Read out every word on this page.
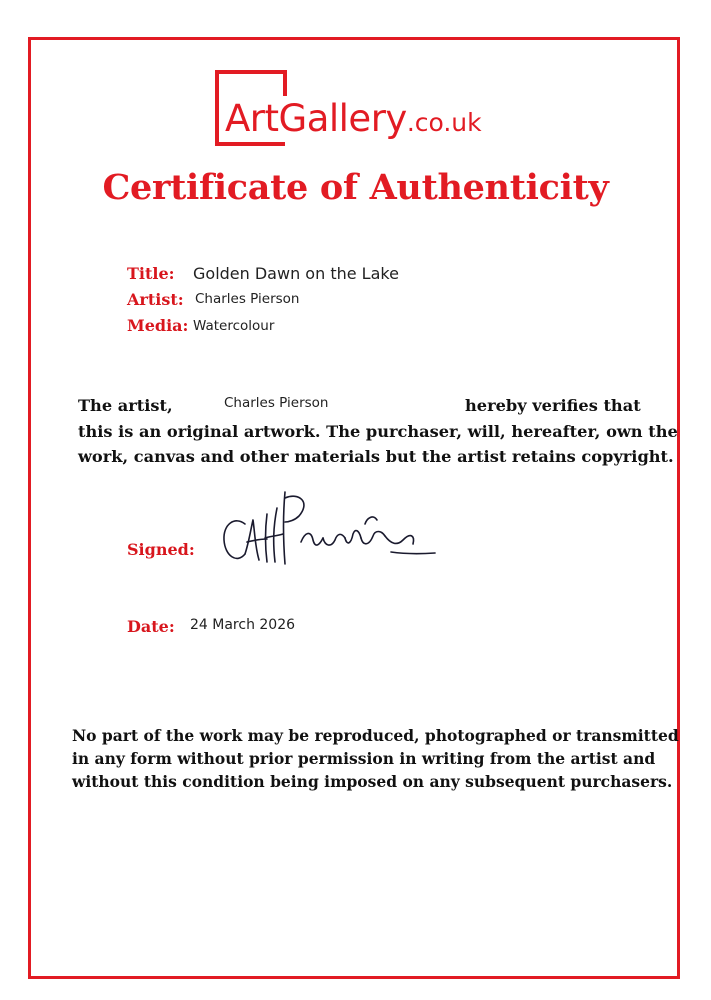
ArtGallery.co.uk
Certificate of Authenticity
Title: Golden Dawn on the Lake
Artist: Charles Pierson
Media: Watercolour
The artist,	Charles Pierson	hereby verifies that
this is an original artwork. The purchaser, will, hereafter, own the
work, canvas and other materials but the artist retains copyright.
Signed:
Date: 24 March 2026
No part of the work may be reproduced, photographed or transmitted
in any form without prior permission in writing from the artist and
without this condition being imposed on any subsequent purchasers.
